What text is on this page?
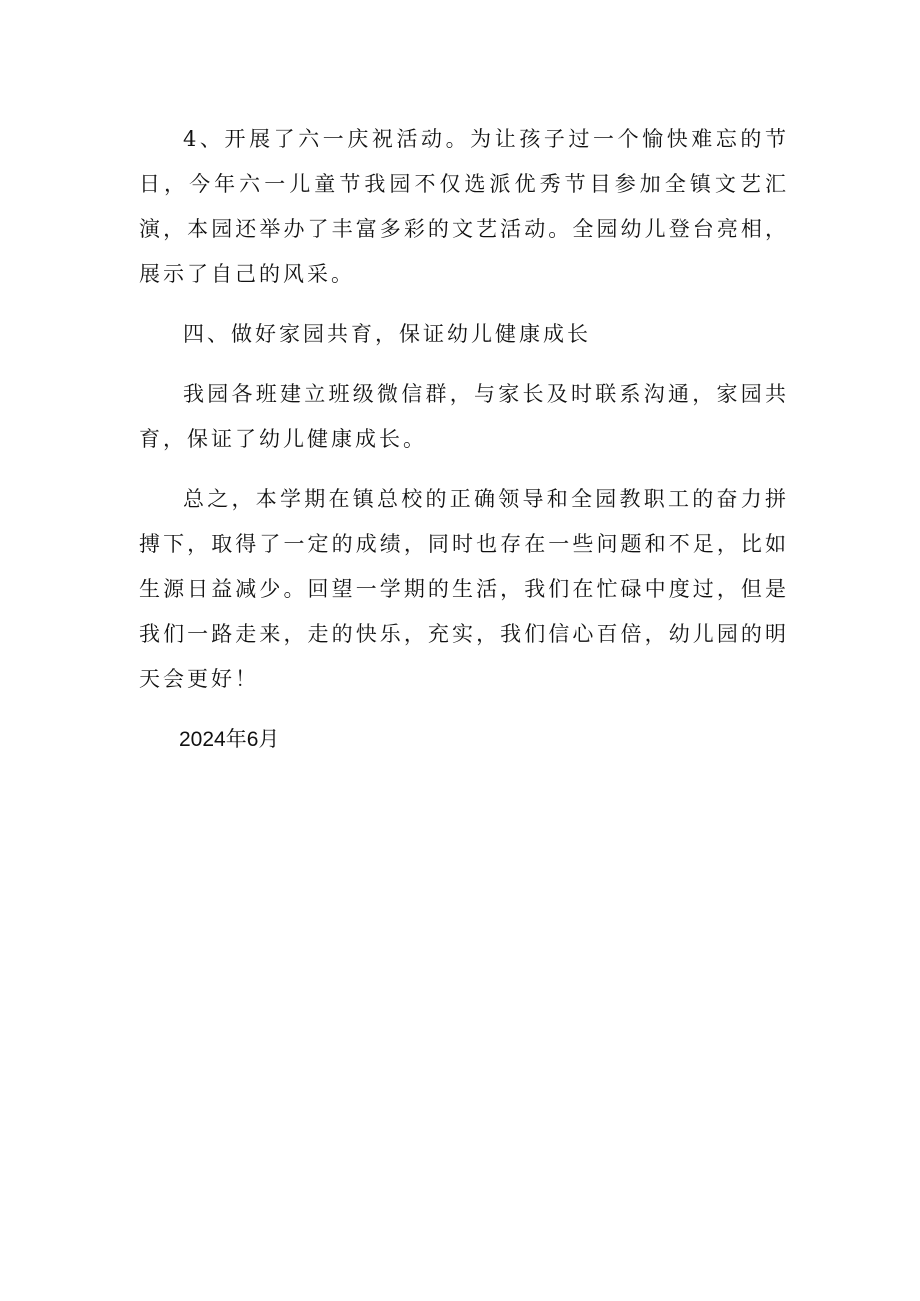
4、开展了六一庆祝活动。为让孩子过一个愉快难忘的节日，今年六一儿童节我园不仅选派优秀节目参加全镇文艺汇演，本园还举办了丰富多彩的文艺活动。全园幼儿登台亮相，展示了自己的风采。

四、做好家园共育，保证幼儿健康成长

我园各班建立班级微信群，与家长及时联系沟通，家园共育，保证了幼儿健康成长。

总之，本学期在镇总校的正确领导和全园教职工的奋力拼搏下，取得了一定的成绩，同时也存在一些问题和不足，比如生源日益减少。回望一学期的生活，我们在忙碌中度过，但是我们一路走来，走的快乐，充实，我们信心百倍，幼儿园的明天会更好！

2024年6月
